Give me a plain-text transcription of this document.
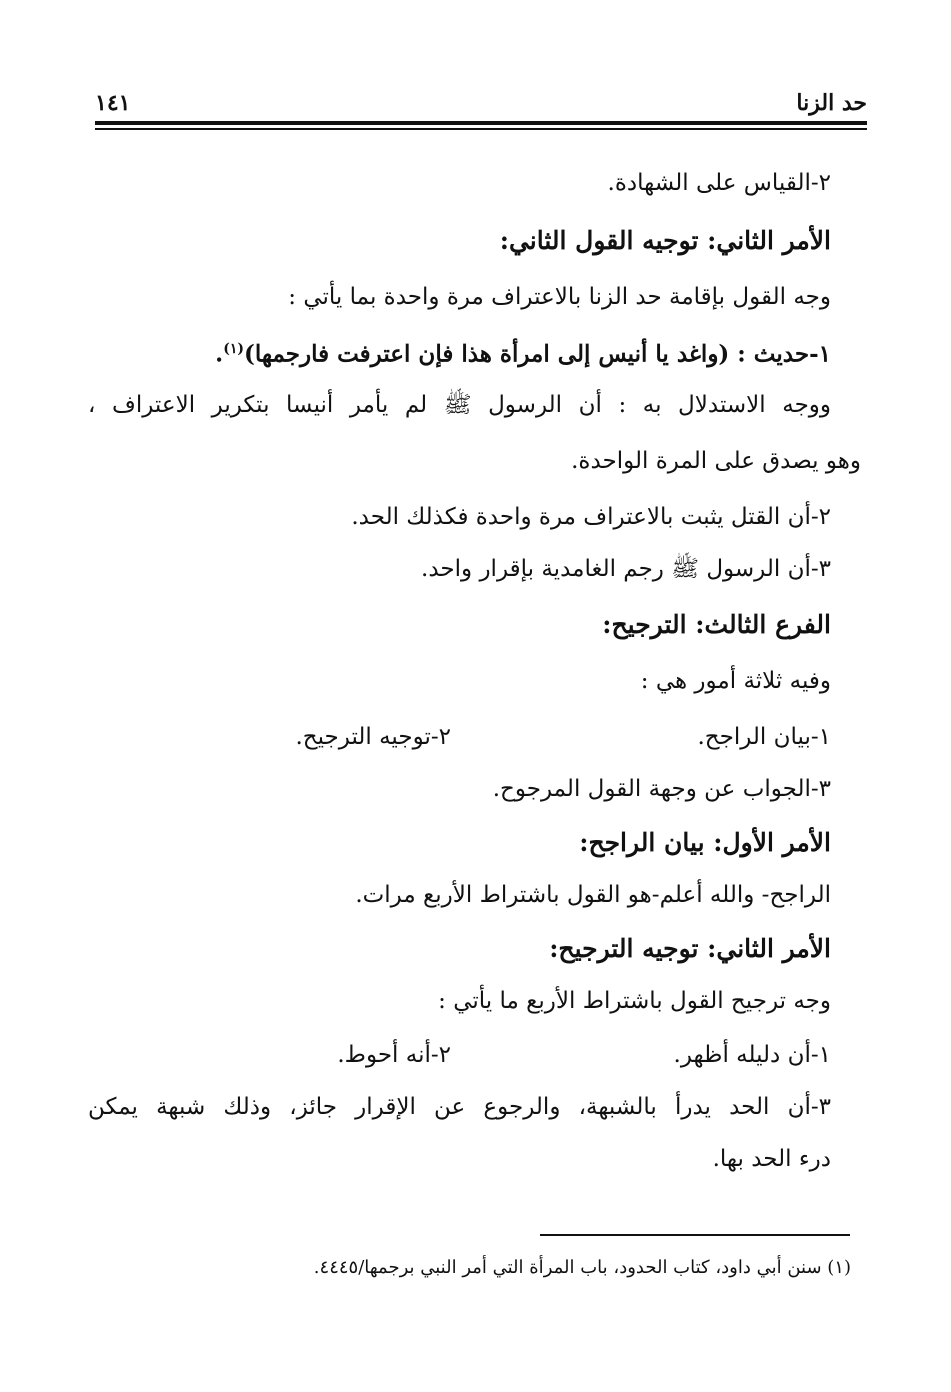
حد الزنا
١٤١
٢-القياس على الشهادة.
الأمر الثاني: توجيه القول الثاني:
وجه القول بإقامة حد الزنا بالاعتراف مرة واحدة بما يأتي :
١-حديث : (واغد يا أنيس إلى امرأة هذا فإن اعترفت فارجمها)$^{(١)}$.
ووجه الاستدلال به : أن الرسول ﷺ لم يأمر أنيسا بتكرير الاعتراف ،
وهو يصدق على المرة الواحدة.
٢-أن القتل يثبت بالاعتراف مرة واحدة فكذلك الحد.
٣-أن الرسول ﷺ رجم الغامدية بإقرار واحد.
الفرع الثالث: الترجيح:
وفيه ثلاثة أمور هي :
١-بيان الراجح.
٢-توجيه الترجيح.
٣-الجواب عن وجهة القول المرجوح.
الأمر الأول: بيان الراجح:
الراجح- والله أعلم-هو القول باشتراط الأربع مرات.
الأمر الثاني: توجيه الترجيح:
وجه ترجيح القول باشتراط الأربع ما يأتي :
١-أن دليله أظهر.
٢-أنه أحوط.
٣-أن الحد يدرأ بالشبهة، والرجوع عن الإقرار جائز، وذلك شبهة يمكن
درء الحد بها.
(١) سنن أبي داود، كتاب الحدود، باب المرأة التي أمر النبي برجمها/٤٤٤٥.
